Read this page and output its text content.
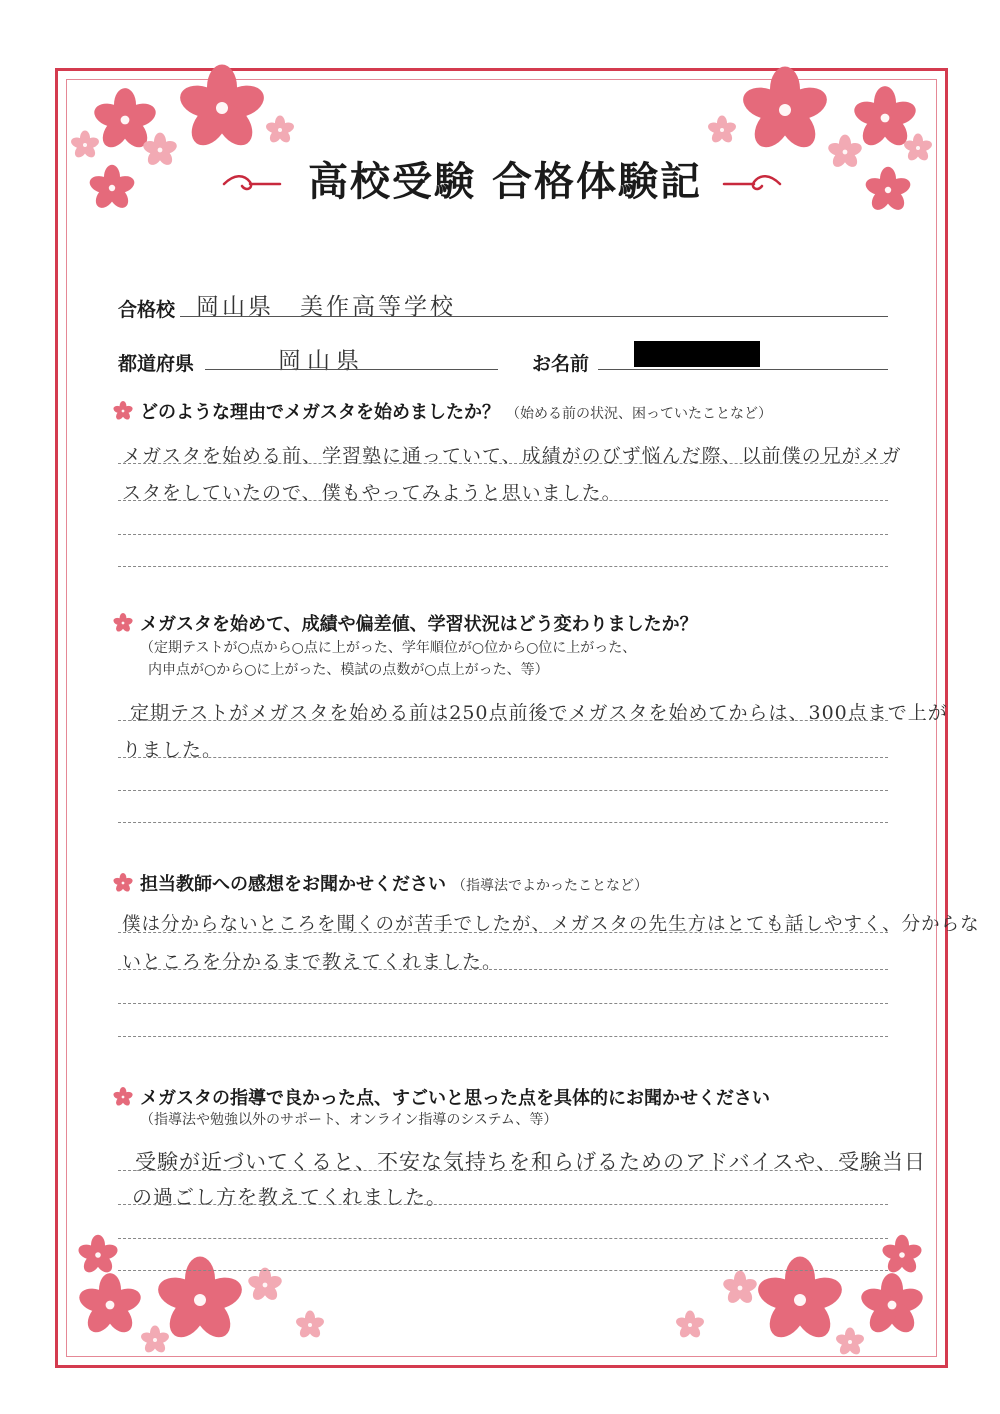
高校受験 合格体験記
合格校 岡山県　美作高等学校
都道府県	岡山県	お名前
どのような理由でメガスタを始めましたか？ （始める前の状況、困っていたことなど）
メガスタを始める前、学習塾に通っていて、成績がのびず悩んだ際、以前僕の兄がメガ
スタをしていたので、僕もやってみようと思いました。
メガスタを始めて、成績や偏差値、学習状況はどう変わりましたか？
（定期テストが○点から○点に上がった、学年順位が○位から○位に上がった、
内申点が○から○に上がった、模試の点数が○点上がった、等）
定期テストがメガスタを始める前は250点前後でメガスタを始めてからは、300点まで上が
りました。
担当教師への感想をお聞かせください （指導法でよかったことなど）
僕は分からないところを聞くのが苦手でしたが、メガスタの先生方はとても話しやすく、分からな
いところを分かるまで教えてくれました。
メガスタの指導で良かった点、すごいと思った点を具体的にお聞かせください
（指導法や勉強以外のサポート、オンライン指導のシステム、等）
受験が近づいてくると、不安な気持ちを和らげるためのアドバイスや、受験当日
の過ごし方を教えてくれました。
